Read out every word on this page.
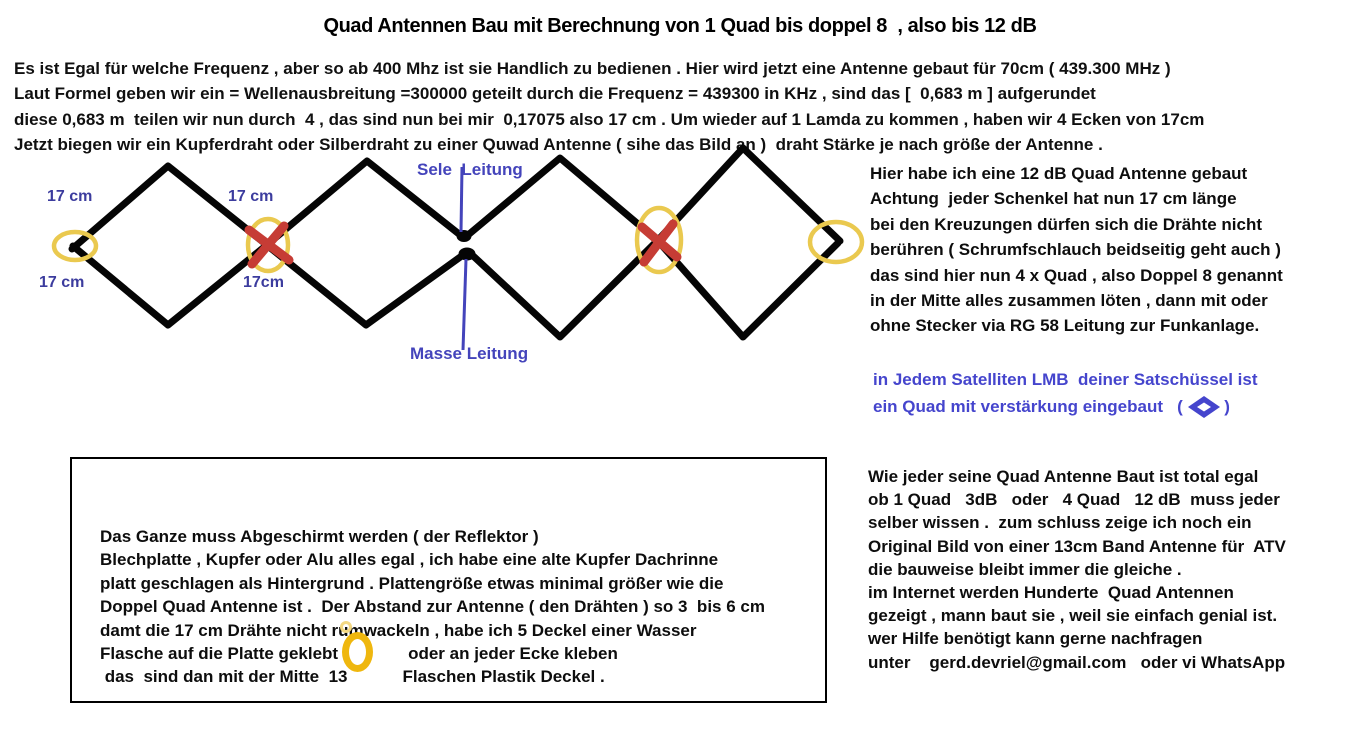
Quad Antennen Bau mit Berechnung von 1 Quad bis doppel 8  , also bis 12 dB
Es ist Egal für welche Frequenz , aber so ab 400 Mhz ist sie Handlich zu bedienen . Hier wird jetzt eine Antenne gebaut für 70cm ( 439.300 MHz )
Laut Formel geben wir ein = Wellenausbreitung =300000 geteilt durch die Frequenz = 439300 in KHz , sind das [  0,683 m ] aufgerundet
diese 0,683 m  teilen wir nun durch  4 , das sind nun bei mir  0,17075 also 17 cm . Um wieder auf 1 Lamda zu kommen , haben wir 4 Ecken von 17cm
Jetzt biegen wir ein Kupferdraht oder Silberdraht zu einer Quwad Antenne ( sihe das Bild an )  draht Stärke je nach größe der Antenne .
17 cm	17 cm
17 cm	17cm
Sele  Leitung
Masse Leitung
Hier habe ich eine 12 dB Quad Antenne gebaut
Achtung  jeder Schenkel hat nun 17 cm länge
bei den Kreuzungen dürfen sich die Drähte nicht
berühren ( Schrumfschlauch beidseitig geht auch )
das sind hier nun 4 x Quad , also Doppel 8 genannt
in der Mitte alles zusammen löten , dann mit oder
ohne Stecker via RG 58 Leitung zur Funkanlage.
in Jedem Satelliten LMB  deiner Satschüssel ist
ein Quad mit verstärkung eingebaut   ( )
Wie jeder seine Quad Antenne Baut ist total egal
ob 1 Quad   3dB   oder   4 Quad   12 dB  muss jeder
selber wissen .  zum schluss zeige ich noch ein
Original Bild von einer 13cm Band Antenne für  ATV
die bauweise bleibt immer die gleiche .
im Internet werden Hunderte  Quad Antennen
gezeigt , mann baut sie , weil sie einfach genial ist.
wer Hilfe benötigt kann gerne nachfragen
unter    gerd.devriel@gmail.com   oder vi WhatsApp
Das Ganze muss Abgeschirmt werden ( der Reflektor )
Blechplatte , Kupfer oder Alu alles egal , ich habe eine alte Kupfer Dachrinne
platt geschlagen als Hintergrund . Plattengröße etwas minimal größer wie die
Doppel Quad Antenne ist .  Der Abstand zur Antenne ( den Drähten ) so 3  bis 6 cm
damt die 17 cm Drähte nicht rumwackeln , habe ich 5 Deckel einer Wasser
Flasche auf die Platte geklebt	oder an jeder Ecke kleben
das  sind dan mit der Mitte  13	Flaschen Plastik Deckel .
